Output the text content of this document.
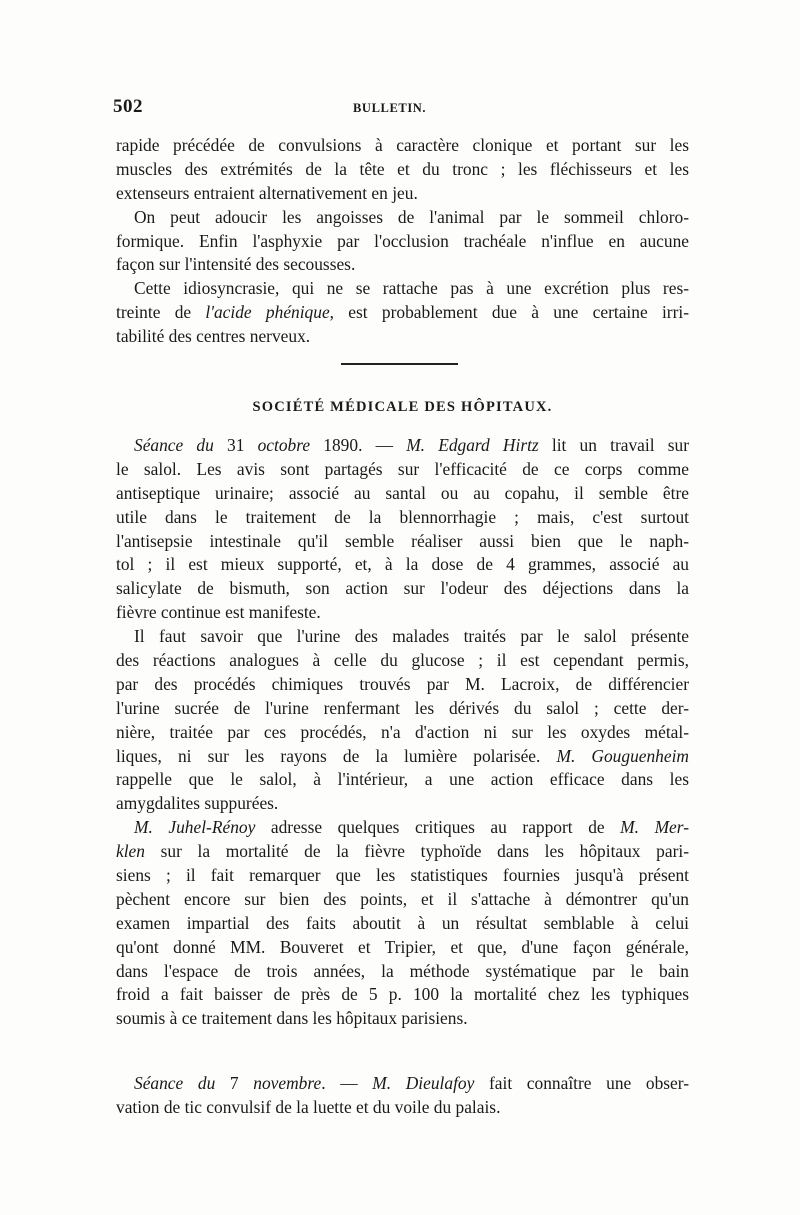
502	BULLETIN.
rapide précédée de convulsions à caractère clonique et portant sur les
muscles des extrémités de la tête et du tronc ; les fléchisseurs et les
extenseurs entraient alternativement en jeu.
On peut adoucir les angoisses de l'animal par le sommeil chloro-
formique. Enfin l'asphyxie par l'occlusion trachéale n'influe en aucune
façon sur l'intensité des secousses.
Cette idiosyncrasie, qui ne se rattache pas à une excrétion plus res-
treinte de l'acide phénique, est probablement due à une certaine irri-
tabilité des centres nerveux.
SOCIÉTÉ MÉDICALE DES HÔPITAUX.
Séance du 31 octobre 1890. — M. Edgard Hirtz lit un travail sur
le salol. Les avis sont partagés sur l'efficacité de ce corps comme
antiseptique urinaire; associé au santal ou au copahu, il semble être
utile dans le traitement de la blennorrhagie ; mais, c'est surtout
l'antisepsie intestinale qu'il semble réaliser aussi bien que le naph-
tol ; il est mieux supporté, et, à la dose de 4 grammes, associé au
salicylate de bismuth, son action sur l'odeur des déjections dans la
fièvre continue est manifeste.
Il faut savoir que l'urine des malades traités par le salol présente
des réactions analogues à celle du glucose ; il est cependant permis,
par des procédés chimiques trouvés par M. Lacroix, de différencier
l'urine sucrée de l'urine renfermant les dérivés du salol ; cette der-
nière, traitée par ces procédés, n'a d'action ni sur les oxydes métal-
liques, ni sur les rayons de la lumière polarisée. M. Gouguenheim
rappelle que le salol, à l'intérieur, a une action efficace dans les
amygdalites suppurées.
M. Juhel-Rénoy adresse quelques critiques au rapport de M. Mer-
klen sur la mortalité de la fièvre typhoïde dans les hôpitaux pari-
siens ; il fait remarquer que les statistiques fournies jusqu'à présent
pèchent encore sur bien des points, et il s'attache à démontrer qu'un
examen impartial des faits aboutit à un résultat semblable à celui
qu'ont donné MM. Bouveret et Tripier, et que, d'une façon générale,
dans l'espace de trois années, la méthode systématique par le bain
froid a fait baisser de près de 5 p. 100 la mortalité chez les typhiques
soumis à ce traitement dans les hôpitaux parisiens.
Séance du 7 novembre. — M. Dieulafoy fait connaître une obser-
vation de tic convulsif de la luette et du voile du palais.
